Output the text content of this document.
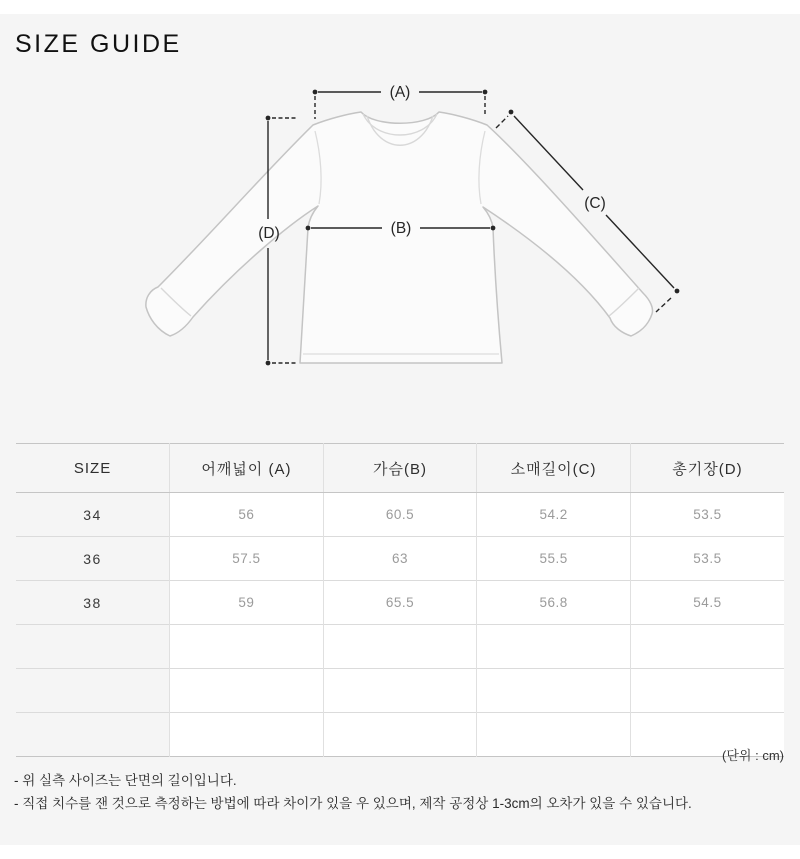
SIZE GUIDE
(A)
(B)
(C)
(D)
SIZE	어깨넓이 (A)	가슴(B)	소매길이(C)	총기장(D)
34	56	60.5	54.2	53.5
36	57.5	63	55.5	53.5
38	59	65.5	56.8	54.5

(단위 : cm)
- 위 실측 사이즈는 단면의 길이입니다.
- 직접 치수를 잰 것으로 측정하는 방법에 따라 차이가 있을 우 있으며, 제작 공정상 1-3cm의 오차가 있을 수 있습니다.
